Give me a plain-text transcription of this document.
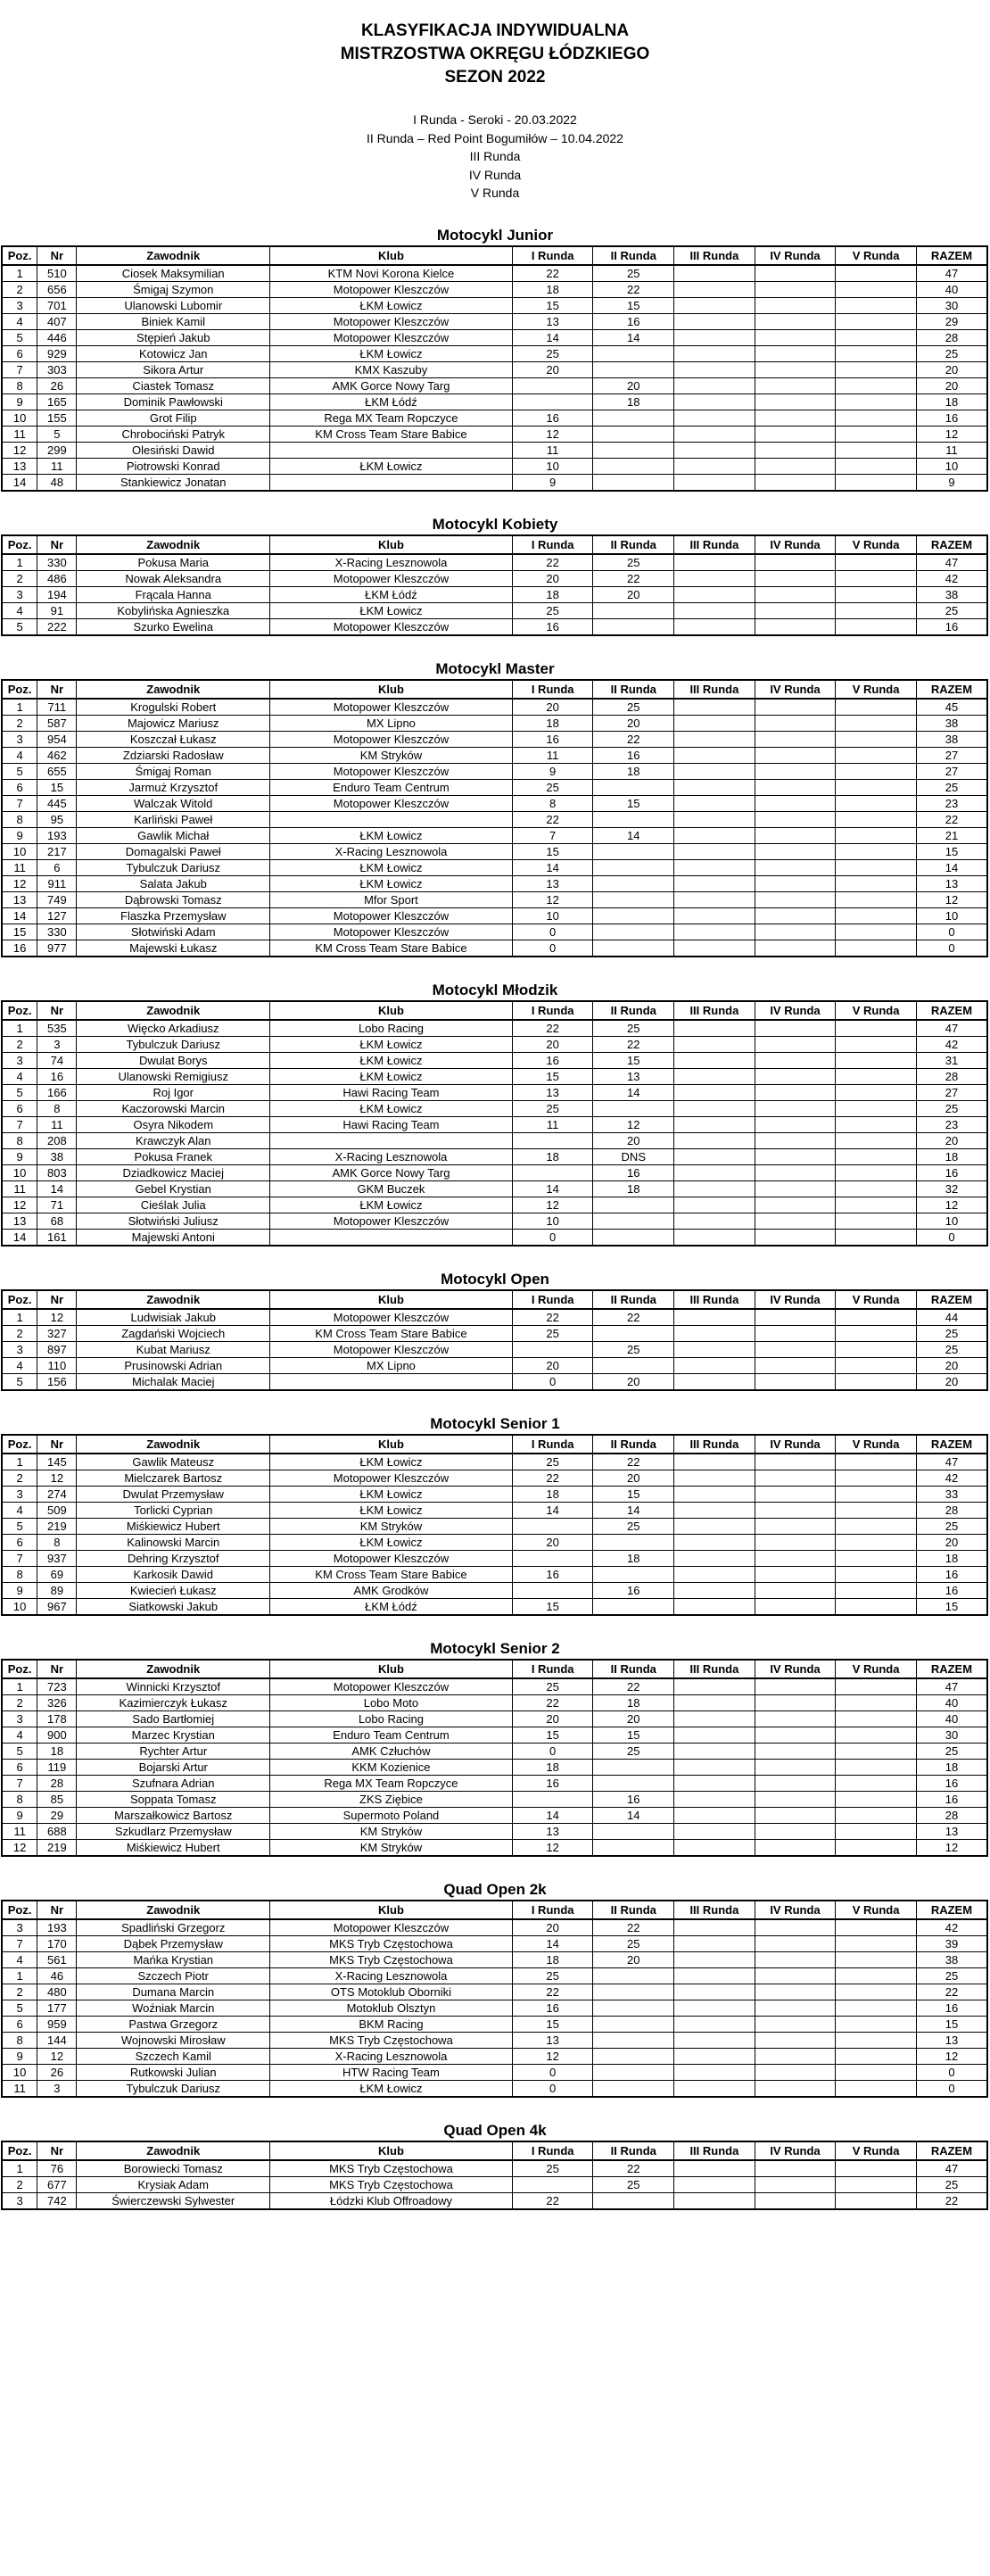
KLASYFIKACJA INDYWIDUALNA
MISTRZOSTWA OKRĘGU ŁÓDZKIEGO
SEZON 2022
I Runda - Seroki - 20.03.2022
II Runda – Red Point Bogumiłów – 10.04.2022
III Runda
IV Runda
V Runda
Motocykl Junior
Poz.	Nr	Zawodnik	Klub	I Runda	II Runda	III Runda	IV Runda	V Runda	RAZEM
1	510	Ciosek Maksymilian	KTM Novi Korona Kielce	22	25				47
2	656	Śmigaj Szymon	Motopower Kleszczów	18	22				40
3	701	Ulanowski Lubomir	ŁKM Łowicz	15	15				30
4	407	Biniek Kamil	Motopower Kleszczów	13	16				29
5	446	Stępień Jakub	Motopower Kleszczów	14	14				28
6	929	Kotowicz Jan	ŁKM Łowicz	25					25
7	303	Sikora Artur	KMX Kaszuby	20					20
8	26	Ciastek Tomasz	AMK Gorce Nowy Targ		20				20
9	165	Dominik Pawłowski	ŁKM Łódź		18				18
10	155	Grot Filip	Rega MX Team Ropczyce	16					16
11	5	Chrobociński Patryk	KM Cross Team Stare Babice	12					12
12	299	Olesiński Dawid		11					11
13	11	Piotrowski Konrad	ŁKM Łowicz	10					10
14	48	Stankiewicz Jonatan		9					9
Motocykl Kobiety
Poz.	Nr	Zawodnik	Klub	I Runda	II Runda	III Runda	IV Runda	V Runda	RAZEM
1	330	Pokusa Maria	X-Racing Lesznowola	22	25				47
2	486	Nowak Aleksandra	Motopower Kleszczów	20	22				42
3	194	Frącala Hanna	ŁKM Łódź	18	20				38
4	91	Kobylińska Agnieszka	ŁKM Łowicz	25					25
5	222	Szurko Ewelina	Motopower Kleszczów	16					16
Motocykl Master
Poz.	Nr	Zawodnik	Klub	I Runda	II Runda	III Runda	IV Runda	V Runda	RAZEM
1	711	Krogulski Robert	Motopower Kleszczów	20	25				45
2	587	Majowicz Mariusz	MX Lipno	18	20				38
3	954	Koszczał Łukasz	Motopower Kleszczów	16	22				38
4	462	Zdziarski Radosław	KM Stryków	11	16				27
5	655	Śmigaj Roman	Motopower Kleszczów	9	18				27
6	15	Jarmuż Krzysztof	Enduro Team Centrum	25					25
7	445	Walczak Witold	Motopower Kleszczów	8	15				23
8	95	Karliński Paweł		22					22
9	193	Gawlik Michał	ŁKM Łowicz	7	14				21
10	217	Domagalski Paweł	X-Racing Lesznowola	15					15
11	6	Tybulczuk Dariusz	ŁKM Łowicz	14					14
12	911	Salata Jakub	ŁKM Łowicz	13					13
13	749	Dąbrowski Tomasz	Mfor Sport	12					12
14	127	Flaszka Przemysław	Motopower Kleszczów	10					10
15	330	Słotwiński Adam	Motopower Kleszczów	0					0
16	977	Majewski Łukasz	KM Cross Team Stare Babice	0					0
Motocykl Młodzik
Poz.	Nr	Zawodnik	Klub	I Runda	II Runda	III Runda	IV Runda	V Runda	RAZEM
1	535	Więcko Arkadiusz	Lobo Racing	22	25				47
2	3	Tybulczuk Dariusz	ŁKM Łowicz	20	22				42
3	74	Dwulat Borys	ŁKM Łowicz	16	15				31
4	16	Ulanowski Remigiusz	ŁKM Łowicz	15	13				28
5	166	Roj Igor	Hawi Racing Team	13	14				27
6	8	Kaczorowski Marcin	ŁKM Łowicz	25					25
7	11	Osyra Nikodem	Hawi Racing Team	11	12				23
8	208	Krawczyk Alan			20				20
9	38	Pokusa Franek	X-Racing Lesznowola	18	DNS				18
10	803	Dziadkowicz Maciej	AMK Gorce Nowy Targ		16				16
11	14	Gebel Krystian	GKM Buczek	14	18				32
12	71	Cieślak Julia	ŁKM Łowicz	12					12
13	68	Słotwiński Juliusz	Motopower Kleszczów	10					10
14	161	Majewski Antoni		0					0
Motocykl Open
Poz.	Nr	Zawodnik	Klub	I Runda	II Runda	III Runda	IV Runda	V Runda	RAZEM
1	12	Ludwisiak Jakub	Motopower Kleszczów	22	22				44
2	327	Zagdański Wojciech	KM Cross Team Stare Babice	25					25
3	897	Kubat Mariusz	Motopower Kleszczów		25				25
4	110	Prusinowski Adrian	MX Lipno	20					20
5	156	Michalak Maciej		0	20				20
Motocykl Senior 1
Poz.	Nr	Zawodnik	Klub	I Runda	II Runda	III Runda	IV Runda	V Runda	RAZEM
1	145	Gawlik Mateusz	ŁKM Łowicz	25	22				47
2	12	Mielczarek Bartosz	Motopower Kleszczów	22	20				42
3	274	Dwulat Przemysław	ŁKM Łowicz	18	15				33
4	509	Torlicki Cyprian	ŁKM Łowicz	14	14				28
5	219	Miśkiewicz Hubert	KM Stryków		25				25
6	8	Kalinowski Marcin	ŁKM Łowicz	20					20
7	937	Dehring Krzysztof	Motopower Kleszczów		18				18
8	69	Karkosik Dawid	KM Cross Team Stare Babice	16					16
9	89	Kwiecień Łukasz	AMK Grodków		16				16
10	967	Siatkowski Jakub	ŁKM Łódź	15					15
Motocykl Senior 2
Poz.	Nr	Zawodnik	Klub	I Runda	II Runda	III Runda	IV Runda	V Runda	RAZEM
1	723	Winnicki Krzysztof	Motopower Kleszczów	25	22				47
2	326	Kazimierczyk Łukasz	Lobo Moto	22	18				40
3	178	Sado Bartłomiej	Lobo Racing	20	20				40
4	900	Marzec Krystian	Enduro Team Centrum	15	15				30
5	18	Rychter Artur	AMK Człuchów	0	25				25
6	119	Bojarski Artur	KKM Kozienice	18					18
7	28	Szufnara Adrian	Rega MX Team Ropczyce	16					16
8	85	Soppata Tomasz	ZKS Ziębice		16				16
9	29	Marszałkowicz Bartosz	Supermoto Poland	14	14				28
11	688	Szkudlarz Przemysław	KM Stryków	13					13
12	219	Miśkiewicz Hubert	KM Stryków	12					12
Quad Open 2k
Poz.	Nr	Zawodnik	Klub	I Runda	II Runda	III Runda	IV Runda	V Runda	RAZEM
3	193	Spadliński Grzegorz	Motopower Kleszczów	20	22				42
7	170	Dąbek Przemysław	MKS Tryb Częstochowa	14	25				39
4	561	Mańka Krystian	MKS Tryb Częstochowa	18	20				38
1	46	Szczech Piotr	X-Racing Lesznowola	25					25
2	480	Dumana Marcin	OTS Motoklub Oborniki	22					22
5	177	Woźniak Marcin	Motoklub Olsztyn	16					16
6	959	Pastwa Grzegorz	BKM Racing	15					15
8	144	Wojnowski Mirosław	MKS Tryb Częstochowa	13					13
9	12	Szczech Kamil	X-Racing Lesznowola	12					12
10	26	Rutkowski Julian	HTW Racing Team	0					0
11	3	Tybulczuk Dariusz	ŁKM Łowicz	0					0
Quad Open 4k
Poz.	Nr	Zawodnik	Klub	I Runda	II Runda	III Runda	IV Runda	V Runda	RAZEM
1	76	Borowiecki Tomasz	MKS Tryb Częstochowa	25	22				47
2	677	Krysiak Adam	MKS Tryb Częstochowa		25				25
3	742	Świerczewski Sylwester	Łódzki Klub Offroadowy	22					22
